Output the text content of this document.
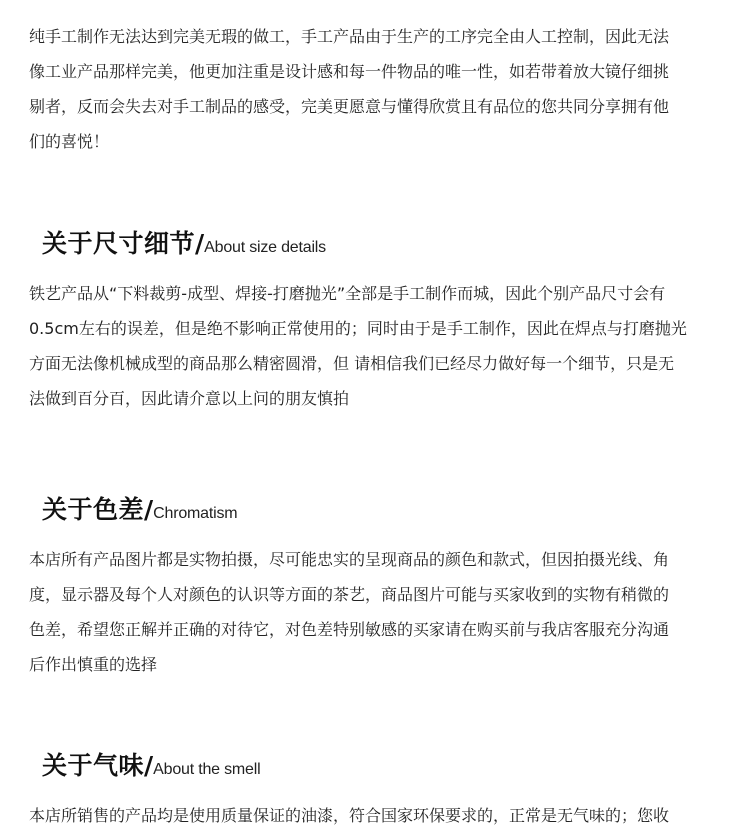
纯手工制作无法达到完美无瑕的做工，手工产品由于生产的工序完全由人工控制，因此无法
像工业产品那样完美，他更加注重是设计感和每一件物品的唯一性，如若带着放大镜仔细挑
剔者，反而会失去对手工制品的感受，完美更愿意与懂得欣赏且有品位的您共同分享拥有他
们的喜悦！
关于尺寸细节/About size details
铁艺产品从“下料裁剪-成型、焊接-打磨抛光”全部是手工制作而城，因此个别产品尺寸会有
0.5cm左右的误差，但是绝不影响正常使用的；同时由于是手工制作，因此在焊点与打磨抛光
方面无法像机械成型的商品那么精密圆滑，但 请相信我们已经尽力做好每一个细节，只是无
法做到百分百，因此请介意以上问的朋友慎拍
关于色差/Chromatism
本店所有产品图片都是实物拍摄，尽可能忠实的呈现商品的颜色和款式，但因拍摄光线、角
度，显示器及每个人对颜色的认识等方面的茶艺，商品图片可能与买家收到的实物有稍微的
色差，希望您正解并正确的对待它，对色差特别敏感的买家请在购买前与我店客服充分沟通
后作出慎重的选择
关于气味/About the smell
本店所销售的产品均是使用质量保证的油漆，符合国家环保要求的，正常是无气味的；您收
